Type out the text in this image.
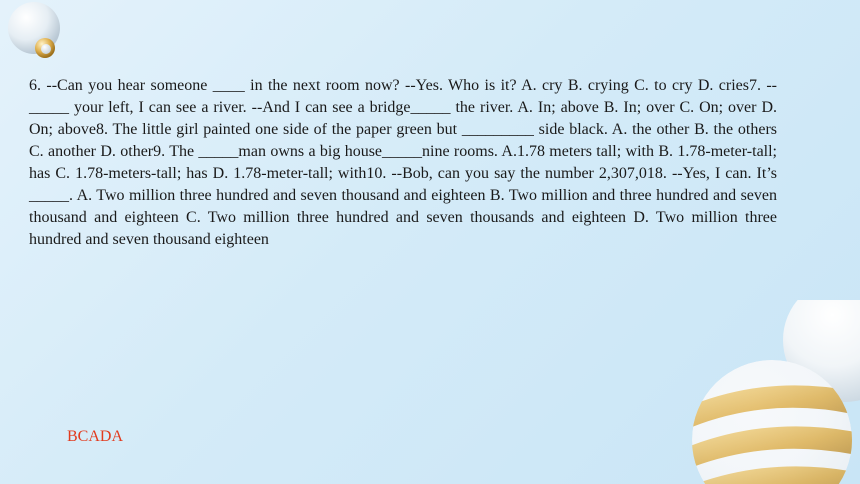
6. --Can you hear someone ____ in the next room now? --Yes. Who is it? A. cry B. crying C. to cry D. cries7. --_____ your left, I can see a river. --And I can see a bridge_____ the river. A. In; above B. In; over C. On; over D. On; above8. The little girl painted one side of the paper green but _________ side black. A. the other B. the others C. another D. other9. The _____man owns a big house_____nine rooms. A.1.78 meters tall; with B. 1.78-meter-tall; has C. 1.78-meters-tall; has D. 1.78-meter-tall; with10. --Bob, can you say the number 2,307,018. --Yes, I can. It’s _____. A. Two million three hundred and seven thousand and eighteen B. Two million and three hundred and seven thousand and eighteen C. Two million three hundred and seven thousands and eighteen D. Two million three hundred and seven thousand eighteen

BCADA
